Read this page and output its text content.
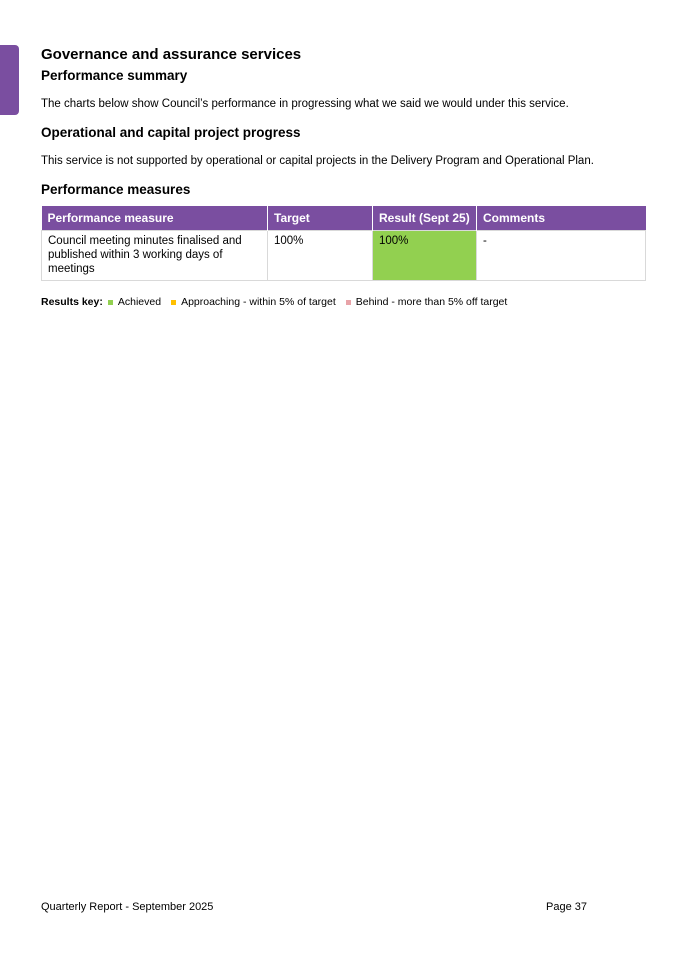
Governance and assurance services
Performance summary

The charts below show Council’s performance in progressing what we said we would under this service.

Operational and capital project progress

This service is not supported by operational or capital projects in the Delivery Program and Operational Plan.

Performance measures
Performance measure	Target	Result (Sept 25)	Comments
Council meeting minutes finalised and published within 3 working days of meetings	100%	100%	-
Results key: Achieved Approaching - within 5% of target Behind - more than 5% off target
Quarterly Report - September 2025	Page 37
